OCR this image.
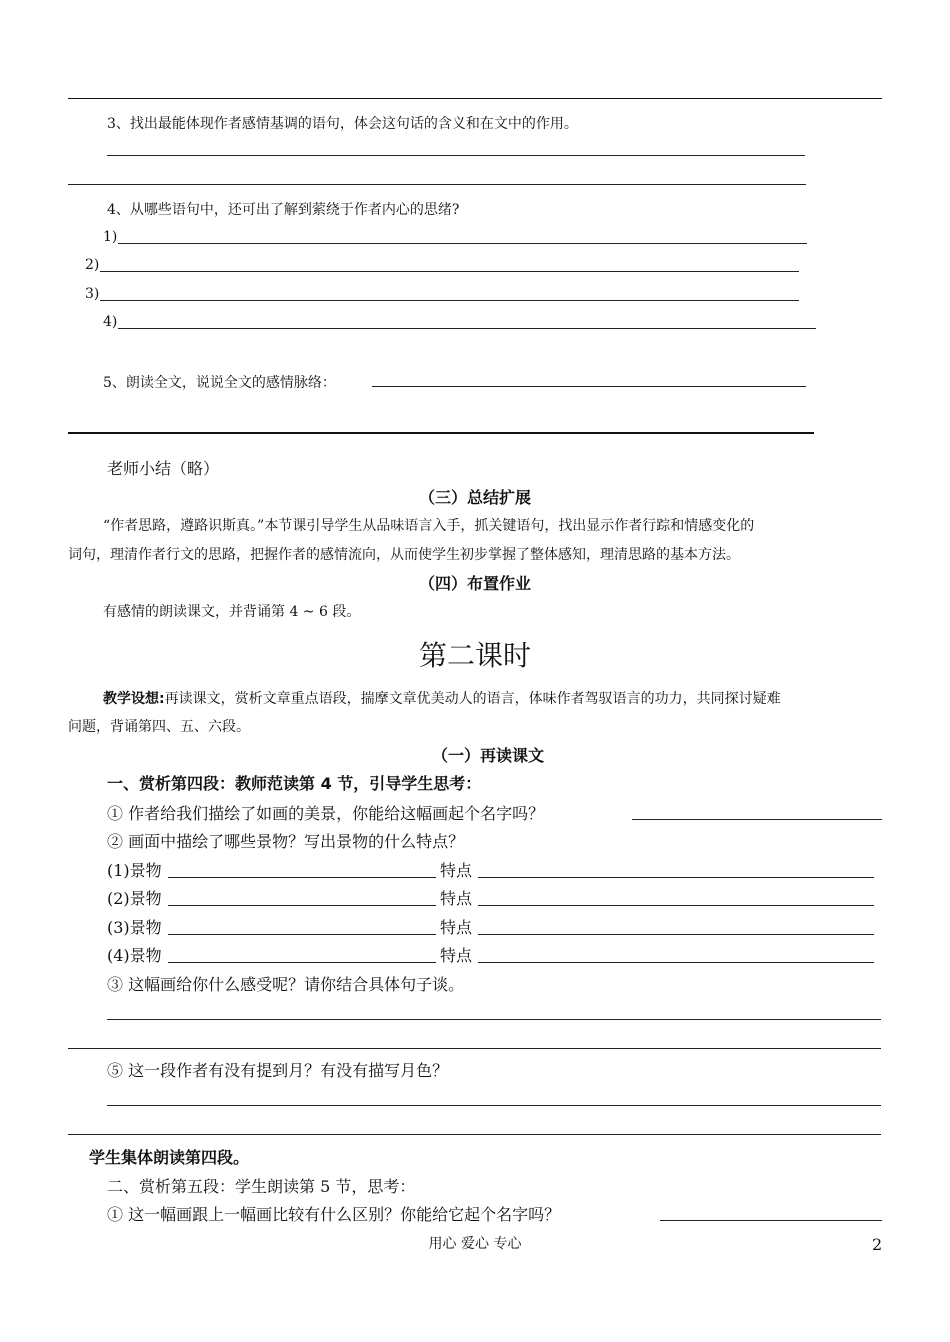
3、找出最能体现作者感情基调的语句，体会这句话的含义和在文中的作用。
4、从哪些语句中，还可出了解到萦绕于作者内心的思绪?
1)
2)
3)
4)
5、朗读全文，说说全文的感情脉络：
老师小结（略）
（三）总结扩展
“作者思路，遵路识斯真。”本节课引导学生从品味语言入手，抓关键语句，找出显示作者行踪和情感变化的
词句，理清作者行文的思路，把握作者的感情流向，从而使学生初步掌握了整体感知，理清思路的基本方法。
（四）布置作业
有感情的朗读课文，并背诵第 4 ~ 6 段。
第二课时
教学设想:再读课文，赏析文章重点语段，揣摩文章优美动人的语言，体味作者驾驭语言的功力，共同探讨疑难
问题，背诵第四、五、六段。
（一）再读课文
一、赏析第四段：教师范读第 4 节，引导学生思考：
① 作者给我们描绘了如画的美景，你能给这幅画起个名字吗？
② 画面中描绘了哪些景物？写出景物的什么特点？
(1)景物	特点
(2)景物	特点
(3)景物	特点
(4)景物	特点
③ 这幅画给你什么感受呢？请你结合具体句子谈。
⑤ 这一段作者有没有提到月？有没有描写月色？
学生集体朗读第四段。
二、赏析第五段：学生朗读第 5 节，思考：
① 这一幅画跟上一幅画比较有什么区别？你能给它起个名字吗？
用心 爱心 专心	2
